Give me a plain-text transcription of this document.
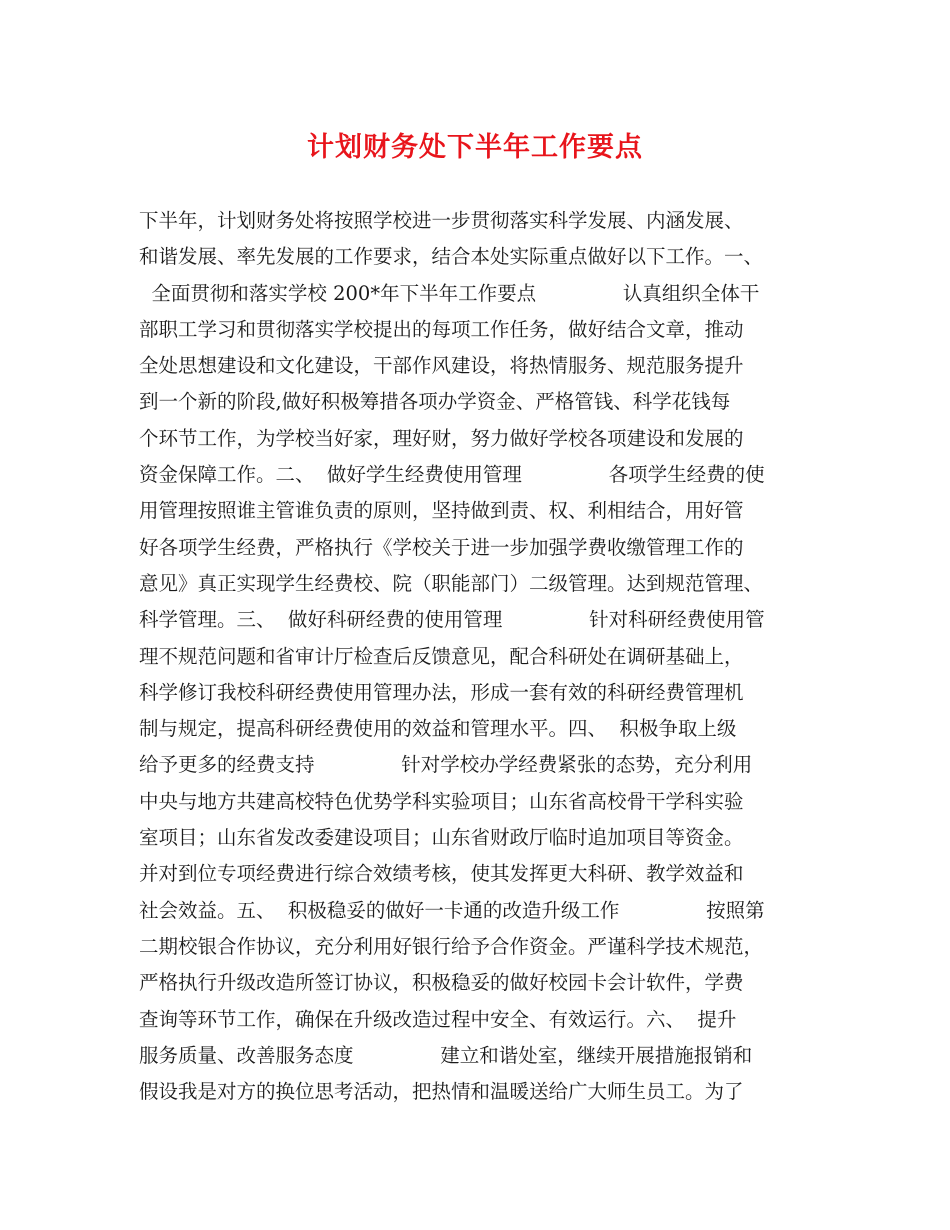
计划财务处下半年工作要点
下半年，计划财务处将按照学校进一步贯彻落实科学发展、内涵发展、
和谐发展、率先发展的工作要求，结合本处实际重点做好以下工作。一、
全面贯彻和落实学校 200*年下半年工作要点              认真组织全体干
部职工学习和贯彻落实学校提出的每项工作任务，做好结合文章，推动
全处思想建设和文化建设，干部作风建设，将热情服务、规范服务提升
到一个新的阶段,做好积极筹措各项办学资金、严格管钱、科学花钱每
个环节工作，为学校当好家，理好财，努力做好学校各项建设和发展的
资金保障工作。二、  做好学生经费使用管理              各项学生经费的使
用管理按照谁主管谁负责的原则，坚持做到责、权、利相结合，用好管
好各项学生经费，严格执行《学校关于进一步加强学费收缴管理工作的
意见》真正实现学生经费校、院（职能部门）二级管理。达到规范管理、
科学管理。三、  做好科研经费的使用管理              针对科研经费使用管
理不规范问题和省审计厅检查后反馈意见，配合科研处在调研基础上，
科学修订我校科研经费使用管理办法，形成一套有效的科研经费管理机
制与规定，提高科研经费使用的效益和管理水平。四、  积极争取上级
给予更多的经费支持              针对学校办学经费紧张的态势，充分利用
中央与地方共建高校特色优势学科实验项目；山东省高校骨干学科实验
室项目；山东省发改委建设项目；山东省财政厅临时追加项目等资金。
并对到位专项经费进行综合效绩考核，使其发挥更大科研、教学效益和
社会效益。五、  积极稳妥的做好一卡通的改造升级工作              按照第
二期校银合作协议，充分利用好银行给予合作资金。严谨科学技术规范，
严格执行升级改造所签订协议，积极稳妥的做好校园卡会计软件，学费
查询等环节工作，确保在升级改造过程中安全、有效运行。六、  提升
服务质量、改善服务态度              建立和谐处室，继续开展措施报销和
假设我是对方的换位思考活动，把热情和温暖送给广大师生员工。为了
